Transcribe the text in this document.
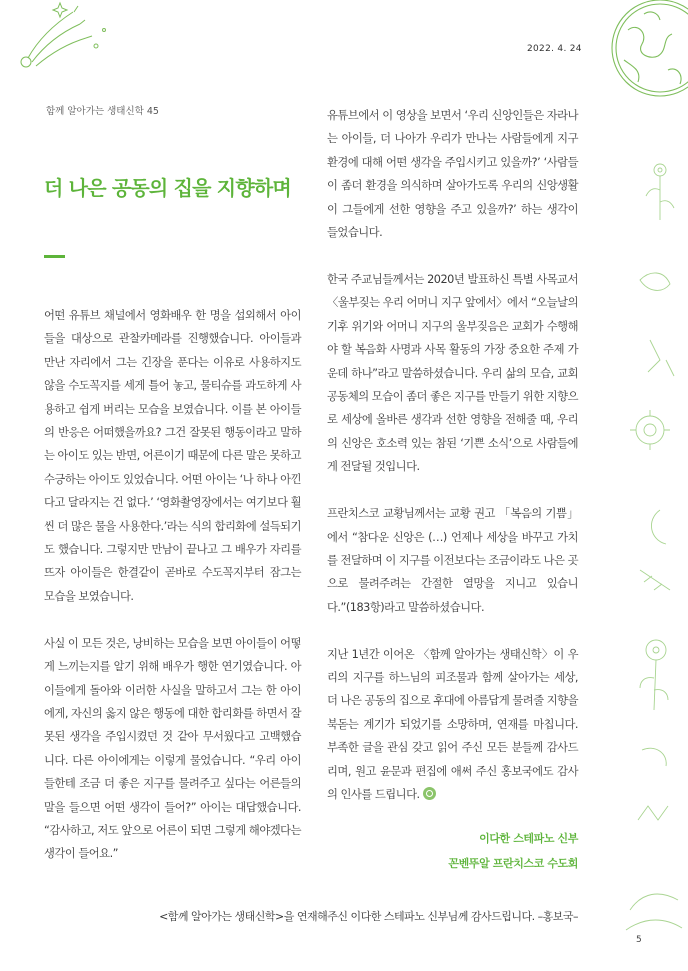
2022. 4. 24
함께 알아가는 생태신학 45
더 나은 공동의 집을 지향하며

어떤 유튜브 채널에서 영화배우 한 명을 섭외해서 아이들을 대상으로 관찰카메라를 진행했습니다. 아이들과 만난 자리에서 그는 긴장을 푼다는 이유로 사용하지도 않을 수도꼭지를 세게 틀어 놓고, 물티슈를 과도하게 사용하고 쉽게 버리는 모습을 보였습니다. 이를 본 아이들의 반응은 어떠했을까요? 그건 잘못된 행동이라고 말하는 아이도 있는 반면, 어른이기 때문에 다른 말은 못하고 수긍하는 아이도 있었습니다. 어떤 아이는 ‘나 하나 아낀다고 달라지는 건 없다.’ ‘영화촬영장에서는 여기보다 훨씬 더 많은 물을 사용한다.’라는 식의 합리화에 설득되기도 했습니다. 그렇지만 만남이 끝나고 그 배우가 자리를 뜨자 아이들은 한결같이 곧바로 수도꼭지부터 잠그는 모습을 보였습니다.

사실 이 모든 것은, 낭비하는 모습을 보면 아이들이 어떻게 느끼는지를 알기 위해 배우가 행한 연기였습니다. 아이들에게 돌아와 이러한 사실을 말하고서 그는 한 아이에게, 자신의 옳지 않은 행동에 대한 합리화를 하면서 잘못된 생각을 주입시켰던 것 같아 무서웠다고 고백했습니다. 다른 아이에게는 이렇게 물었습니다. “우리 아이들한테 조금 더 좋은 지구를 물려주고 싶다는 어른들의 말을 들으면 어떤 생각이 들어?” 아이는 대답했습니다. “감사하고, 저도 앞으로 어른이 되면 그렇게 해야겠다는 생각이 들어요.”

유튜브에서 이 영상을 보면서 ‘우리 신앙인들은 자라나는 아이들, 더 나아가 우리가 만나는 사람들에게 지구 환경에 대해 어떤 생각을 주입시키고 있을까?’ ‘사람들이 좀더 환경을 의식하며 살아가도록 우리의 신앙생활이 그들에게 선한 영향을 주고 있을까?’ 하는 생각이 들었습니다.

한국 주교님들께서는 2020년 발표하신 특별 사목교서 〈울부짖는 우리 어머니 지구 앞에서〉에서 “오늘날의 기후 위기와 어머니 지구의 울부짖음은 교회가 수행해야 할 복음화 사명과 사목 활동의 가장 중요한 주제 가운데 하나”라고 말씀하셨습니다. 우리 삶의 모습, 교회 공동체의 모습이 좀더 좋은 지구를 만들기 위한 지향으로 세상에 올바른 생각과 선한 영향을 전해줄 때, 우리의 신앙은 호소력 있는 참된 ‘기쁜 소식’으로 사람들에게 전달될 것입니다.

프란치스코 교황님께서는 교황 권고 「복음의 기쁨」에서 “참다운 신앙은 (…) 언제나 세상을 바꾸고 가치를 전달하며 이 지구를 이전보다는 조금이라도 나은 곳으로 물려주려는 간절한 열망을 지니고 있습니다.”(183항)라고 말씀하셨습니다.

지난 1년간 이어온 〈함께 알아가는 생태신학〉이 우리의 지구를 하느님의 피조물과 함께 살아가는 세상, 더 나은 공동의 집으로 후대에 아름답게 물려줄 지향을 북돋는 계기가 되었기를 소망하며, 연재를 마칩니다. 부족한 글을 관심 갖고 읽어 주신 모든 분들께 감사드리며, 원고 윤문과 편집에 애써 주신 홍보국에도 감사의 인사를 드립니다.

이다한 스테파노 신부
꼰벤뚜알 프란치스코 수도회
<함께 알아가는 생태신학>을 연재해주신 이다한 스테파노 신부님께 감사드립니다. –홍보국–
5
